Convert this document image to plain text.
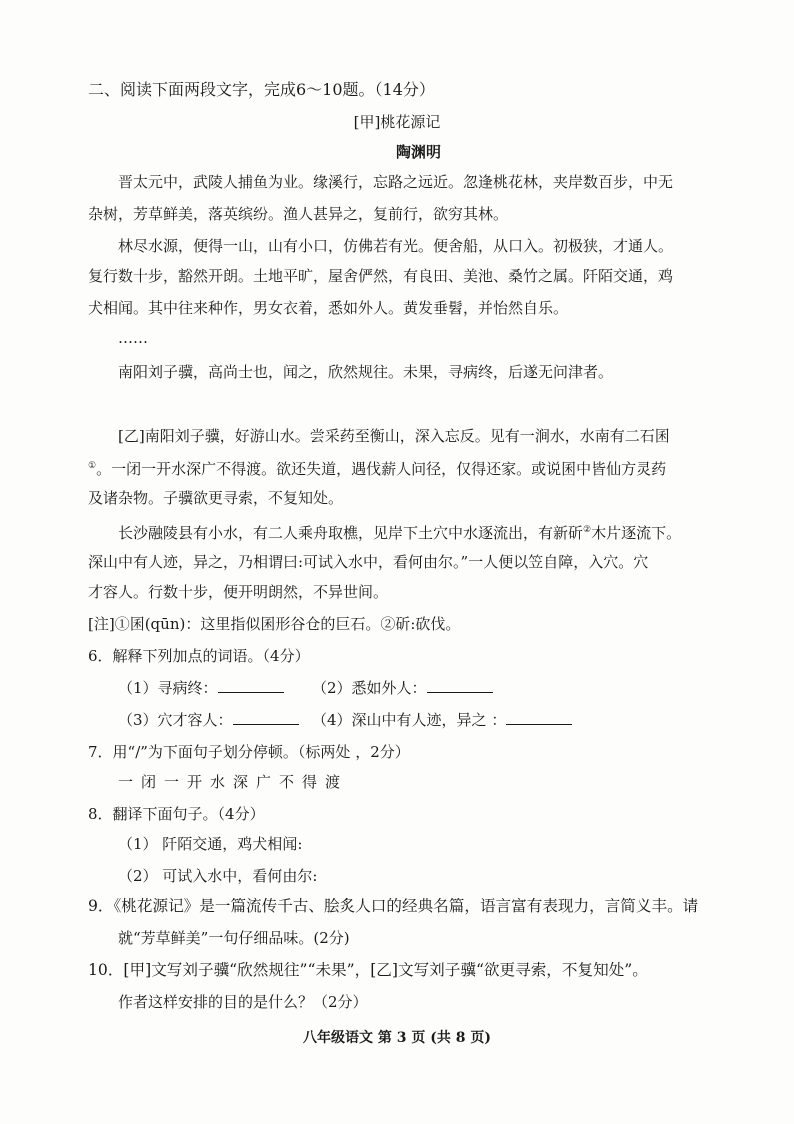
二、阅读下面两段文字，完成6～10题。（14分）
[甲]桃花源记
陶渊明
晋太元中，武陵人捕鱼为业。缘溪行，忘路之远近。忽逢桃花林，夹岸数百步，中无
杂树，芳草鲜美，落英缤纷。渔人甚异之，复前行，欲穷其林。
林尽水源，便得一山，山有小口，仿佛若有光。便舍船，从口入。初极狭，才通人。
复行数十步，豁然开朗。土地平旷，屋舍俨然，有良田、美池、桑竹之属。阡陌交通，鸡
犬相闻。其中往来种作，男女衣着，悉如外人。黄发垂髫，并怡然自乐。
……
南阳刘子骥，高尚士也，闻之，欣然规往。未果，寻病终，后遂无问津者。
[乙]南阳刘子骥，好游山水。尝采药至衡山，深入忘反。见有一涧水，水南有二石囷
①。一闭一开水深广不得渡。欲还失道，遇伐薪人问径，仅得还家。或说囷中皆仙方灵药
及诸杂物。子骥欲更寻索，不复知处。
长沙融陵县有小水，有二人乘舟取樵，见岸下土穴中水逐流出，有新斫②木片逐流下。
深山中有人迹，异之，乃相谓曰:可试入水中，看何由尔。”一人便以笠自障，入穴。穴
才容人。行数十步，便开明朗然，不异世间。
[注]①囷(qūn)：这里指似囷形谷仓的巨石。②斫:砍伐。
6．解释下列加点的词语。（4分）
（1）寻病终：	（2）悉如外人：
（3）穴才容人：	（4）深山中有人迹，异之 ：
7．用“/”为下面句子划分停顿。（标两处 ，2分）
一闭一开水深广不得渡
8．翻译下面句子。（4分）
（1） 阡陌交通，鸡犬相闻:
（2） 可试入水中，看何由尔:
9．《桃花源记》是一篇流传千古、脍炙人口的经典名篇，语言富有表现力，言简义丰。请
就“芳草鲜美”一句仔细品味。(2分)
10．[甲]文写刘子骥“欣然规往”“未果”，[乙]文写刘子骥“欲更寻索，不复知处”。
作者这样安排的目的是什么？（2分）
八年级语文 第 3 页 (共 8 页)
